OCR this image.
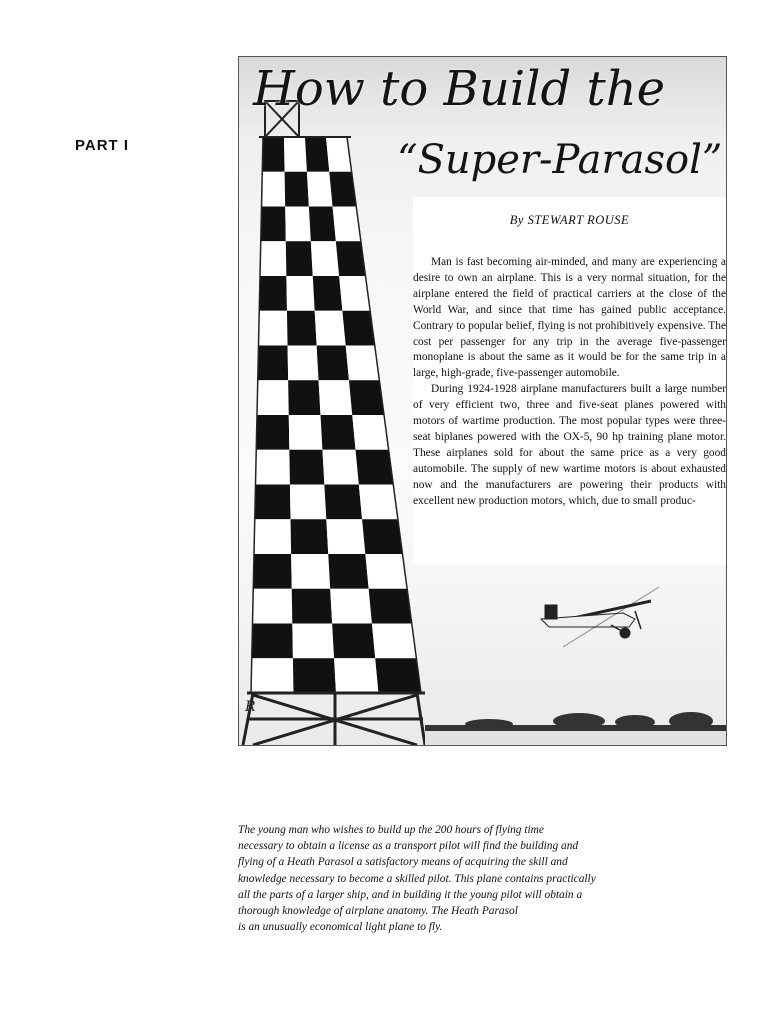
PART I
R
How to Build the
“Super-Parasol”
By STEWART ROUSE

Man is fast becoming air-minded, and many are experiencing a desire to own an airplane. This is a very normal situation, for the airplane entered the field of practical carriers at the close of the World War, and since that time has gained public acceptance. Contrary to popular belief, flying is not prohibitively expensive. The cost per passenger for any trip in the average five-passenger monoplane is about the same as it would be for the same trip in a large, high-grade, five-passenger automobile.

During 1924-1928 airplane manufacturers built a large number of very efficient two, three and five-seat planes powered with motors of wartime production. The most popular types were three-seat biplanes powered with the OX-5, 90 hp training plane motor. These airplanes sold for about the same price as a very good automobile. The supply of new wartime motors is about exhausted now and the manufacturers are powering their products with excellent new production motors, which, due to small produc-

The young man who wishes to build up the 200 hours of flying time
necessary to obtain a license as a transport pilot will find the building and
flying of a Heath Parasol a satisfactory means of acquiring the skill and
knowledge necessary to become a skilled pilot. This plane contains practically
all the parts of a larger ship, and in building it the young pilot will obtain a
thorough knowledge of airplane anatomy. The Heath Parasol
is an unusually economical light plane to fly.
